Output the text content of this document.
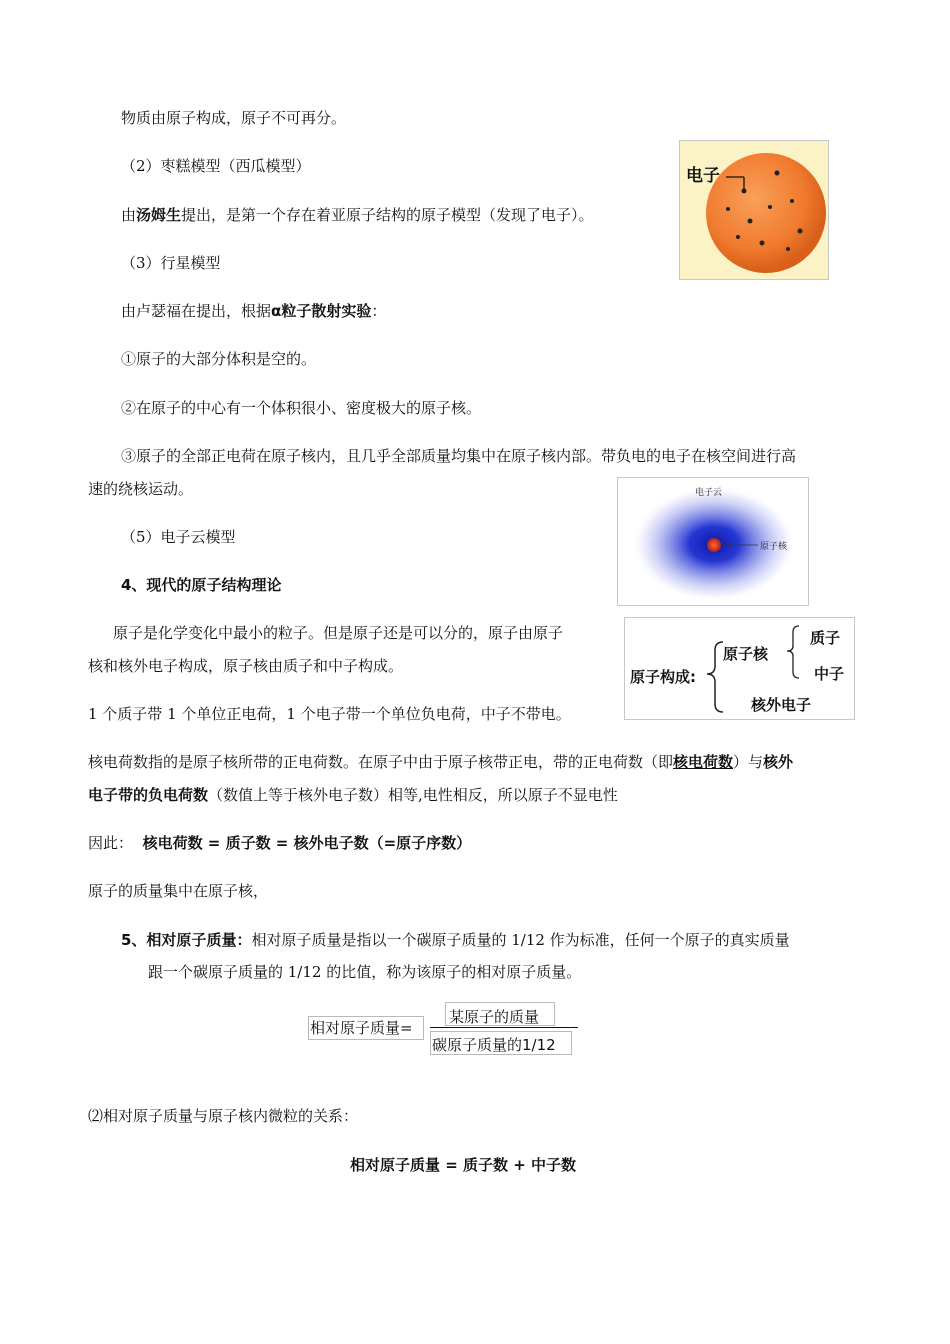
物质由原子构成，原子不可再分。
（2）枣糕模型（西瓜模型）
由汤姆生提出，是第一个存在着亚原子结构的原子模型（发现了电子）。
（3）行星模型
由卢瑟福在提出，根据α粒子散射实验：
①原子的大部分体积是空的。
②在原子的中心有一个体积很小、密度极大的原子核。
③原子的全部正电荷在原子核内，且几乎全部质量均集中在原子核内部。带负电的电子在核空间进行高
速的绕核运动。
（5）电子云模型
4、现代的原子结构理论
原子是化学变化中最小的粒子。但是原子还是可以分的，原子由原子
核和核外电子构成，原子核由质子和中子构成。
1 个质子带 1 个单位正电荷，1 个电子带一个单位负电荷，中子不带电。
核电荷数指的是原子核所带的正电荷数。在原子中由于原子核带正电，带的正电荷数（即核电荷数）与核外
电子带的负电荷数（数值上等于核外电子数）相等,电性相反，所以原子不显电性
因此： 核电荷数 = 质子数 = 核外电子数（=原子序数）
原子的质量集中在原子核，
5、相对原子质量：相对原子质量是指以一个碳原子质量的 1/12 作为标准，任何一个原子的真实质量
跟一个碳原子质量的 1/12 的比值，称为该原子的相对原子质量。
相对原子质量=
某原子的质量
碳原子质量的1/12
⑵相对原子质量与原子核内微粒的关系：
相对原子质量 = 质子数 + 中子数
电子
电子云
原子核
原子构成:
原子核
质子
中子
核外电子
